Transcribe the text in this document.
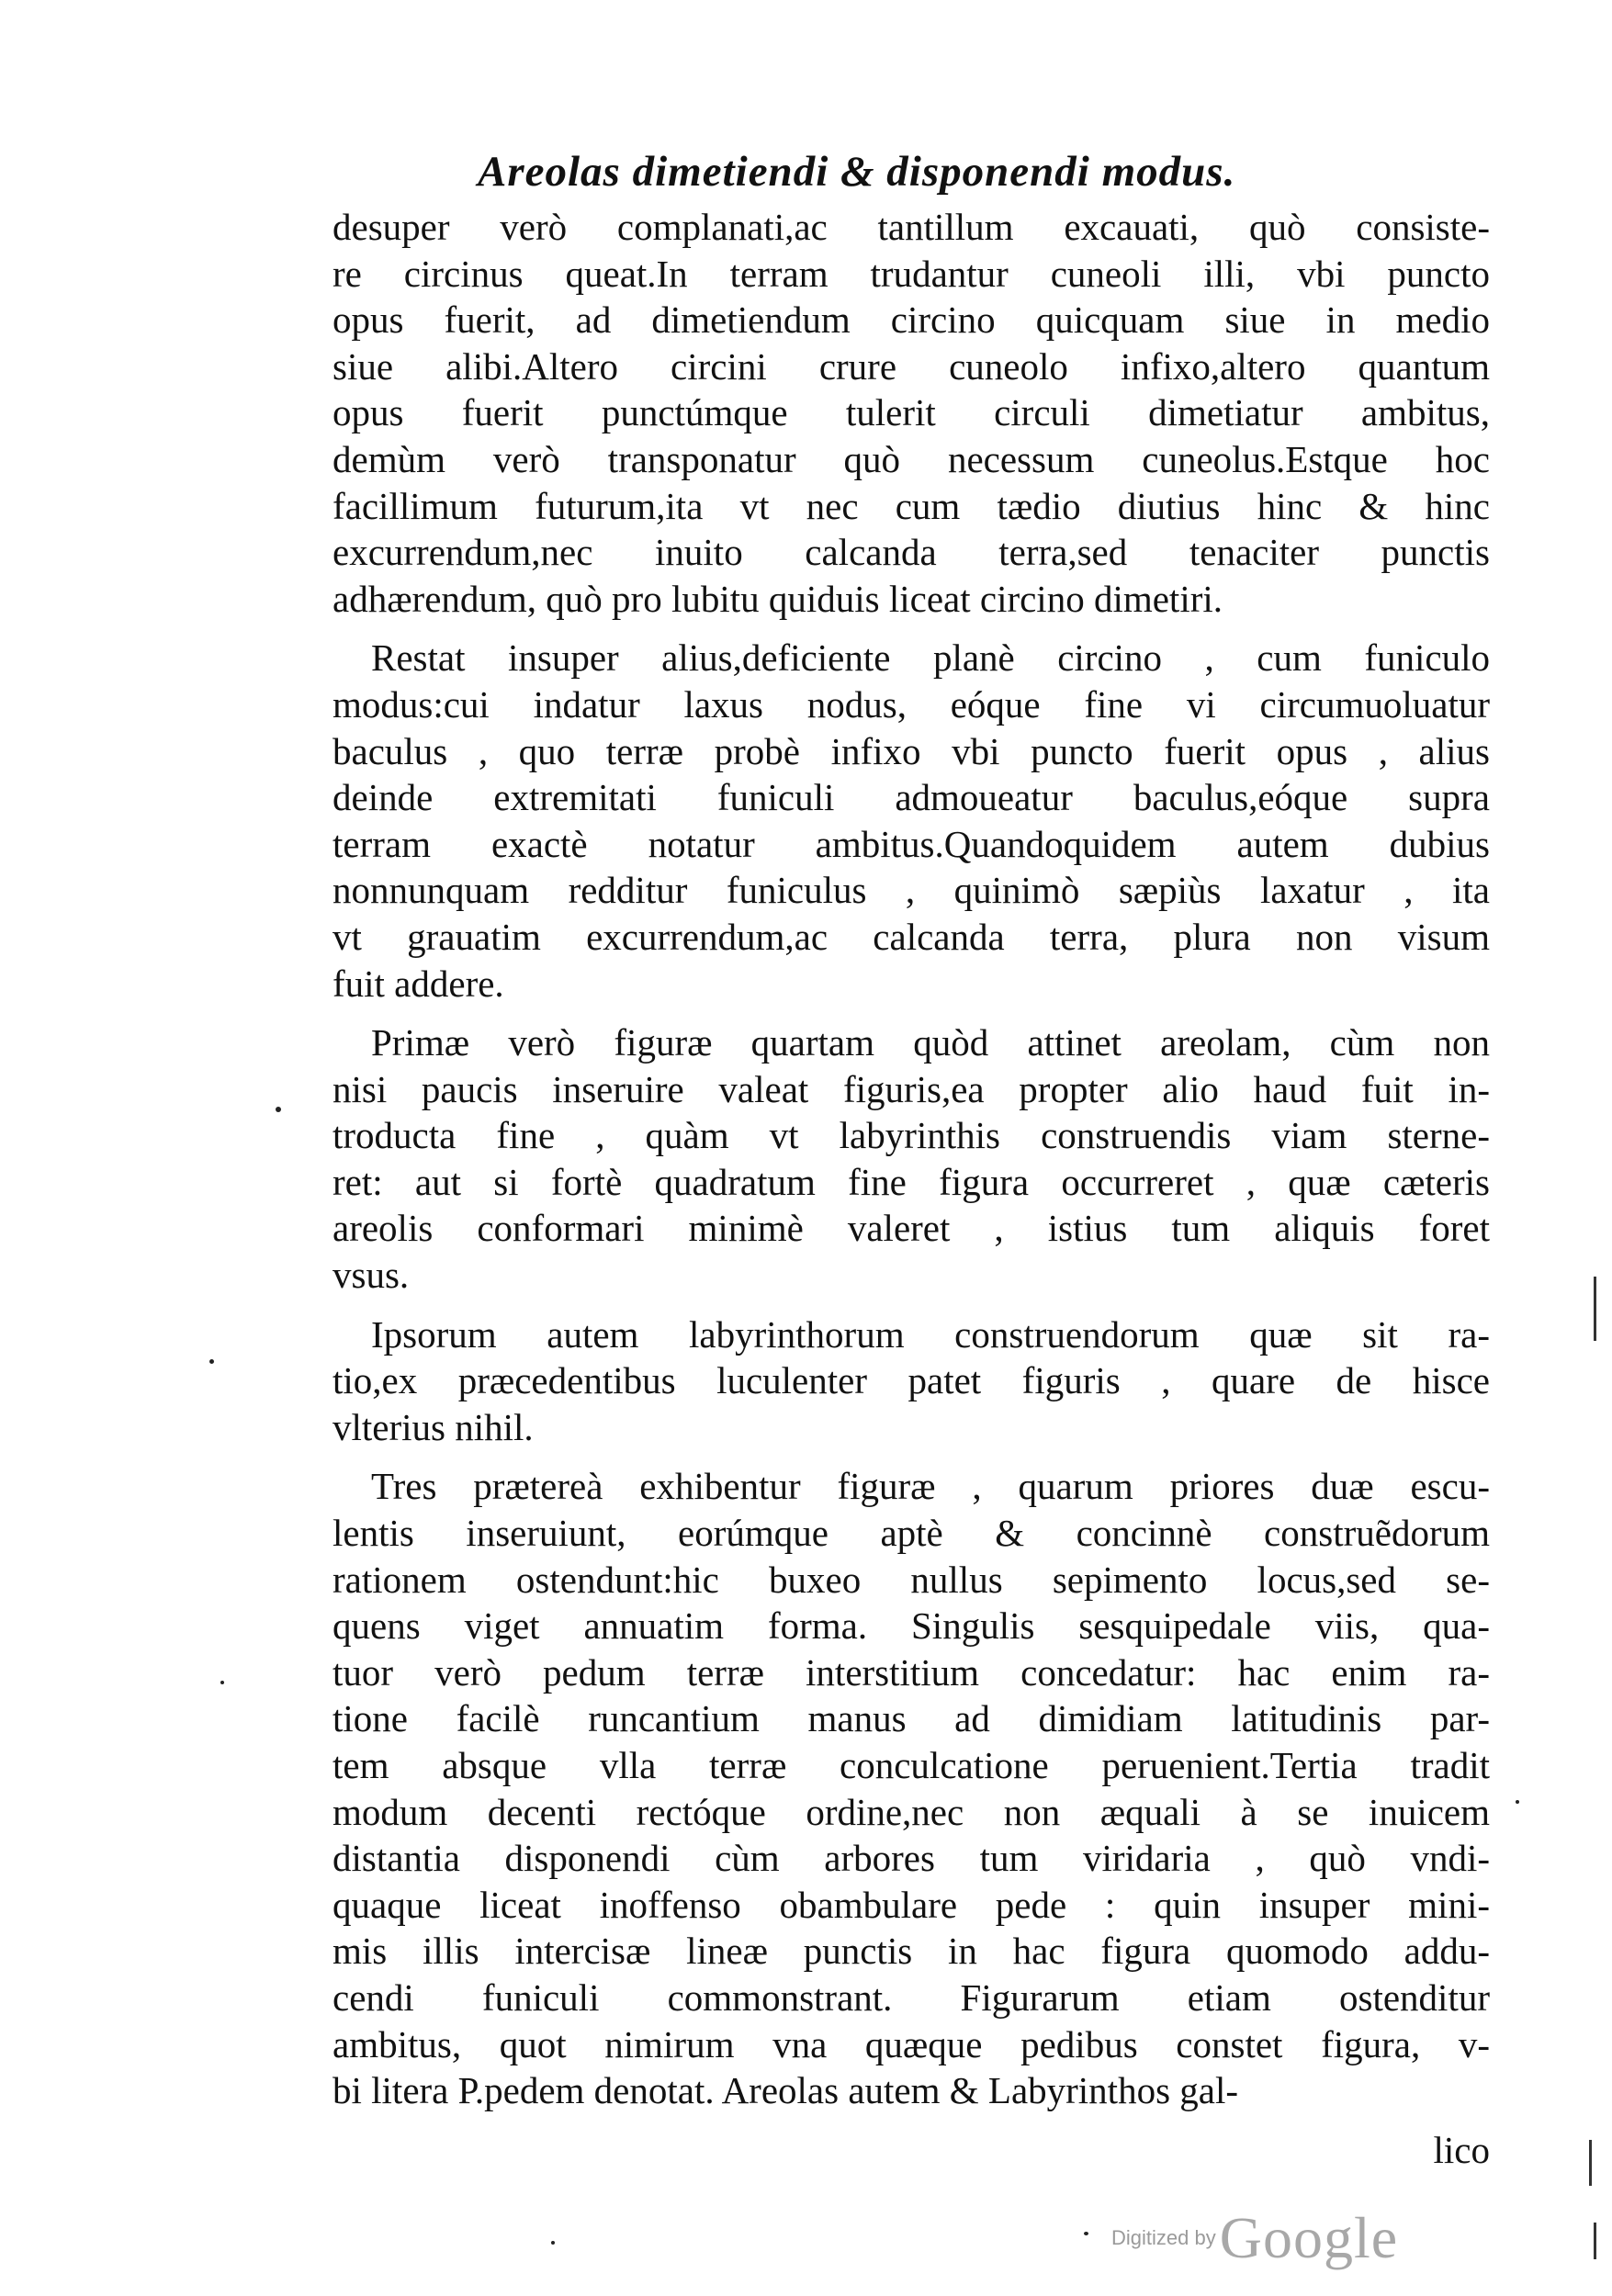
Areolas dimetiendi & disponendi modus.
desuper verò complanati,ac tantillum excauati, quò consiste-
re circinus queat.In terram trudantur cuneoli illi, vbi puncto
opus fuerit, ad dimetiendum circino quicquam siue in medio
siue alibi.Altero circini crure cuneolo infixo,altero quantum
opus fuerit punctúmque tulerit circuli dimetiatur ambitus,
demùm verò transponatur quò necessum cuneolus.Estque hoc
facillimum futurum,ita vt nec cum tædio diutius hinc & hinc
excurrendum,nec inuito calcanda terra,sed tenaciter punctis
adhærendum, quò pro lubitu quiduis liceat circino dimetiri.
Restat insuper alius,deficiente planè circino , cum funiculo
modus:cui indatur laxus nodus, eóque fine vi circumuoluatur
baculus , quo terræ probè infixo vbi puncto fuerit opus , alius
deinde extremitati funiculi admoueatur baculus,eóque supra
terram exactè notatur ambitus.Quandoquidem autem dubius
nonnunquam redditur funiculus , quinimò sæpiùs laxatur , ita
vt grauatim excurrendum,ac calcanda terra, plura non visum
fuit addere.
Primæ verò figuræ quartam quòd attinet areolam, cùm non
nisi paucis inseruire valeat figuris,ea propter alio haud fuit in-
troducta fine , quàm vt labyrinthis construendis viam sterne-
ret: aut si fortè quadratum fine figura occurreret , quæ cæteris
areolis conformari minimè valeret , istius tum aliquis foret
vsus.
Ipsorum autem labyrinthorum construendorum quæ sit ra-
tio,ex præcedentibus luculenter patet figuris , quare de hisce
vlterius nihil.
Tres prætereà exhibentur figuræ , quarum priores duæ escu-
lentis inseruiunt, eorúmque aptè & concinnè construẽdorum
rationem ostendunt:hic buxeo nullus sepimento locus,sed se-
quens viget annuatim forma. Singulis sesquipedale viis, qua-
tuor verò pedum terræ interstitium concedatur: hac enim ra-
tione facilè runcantium manus ad dimidiam latitudinis par-
tem absque vlla terræ conculcatione peruenient.Tertia tradit
modum decenti rectóque ordine,nec non æquali à se inuicem
distantia disponendi cùm arbores tum viridaria , quò vndi-
quaque liceat inoffenso obambulare pede : quin insuper mini-
mis illis intercisæ lineæ punctis in hac figura quomodo addu-
cendi funiculi commonstrant. Figurarum etiam ostenditur
ambitus, quot nimirum vna quæque pedibus constet figura, v-
bi litera P.pedem denotat. Areolas autem & Labyrinthos gal-
lico
Digitized by Google
